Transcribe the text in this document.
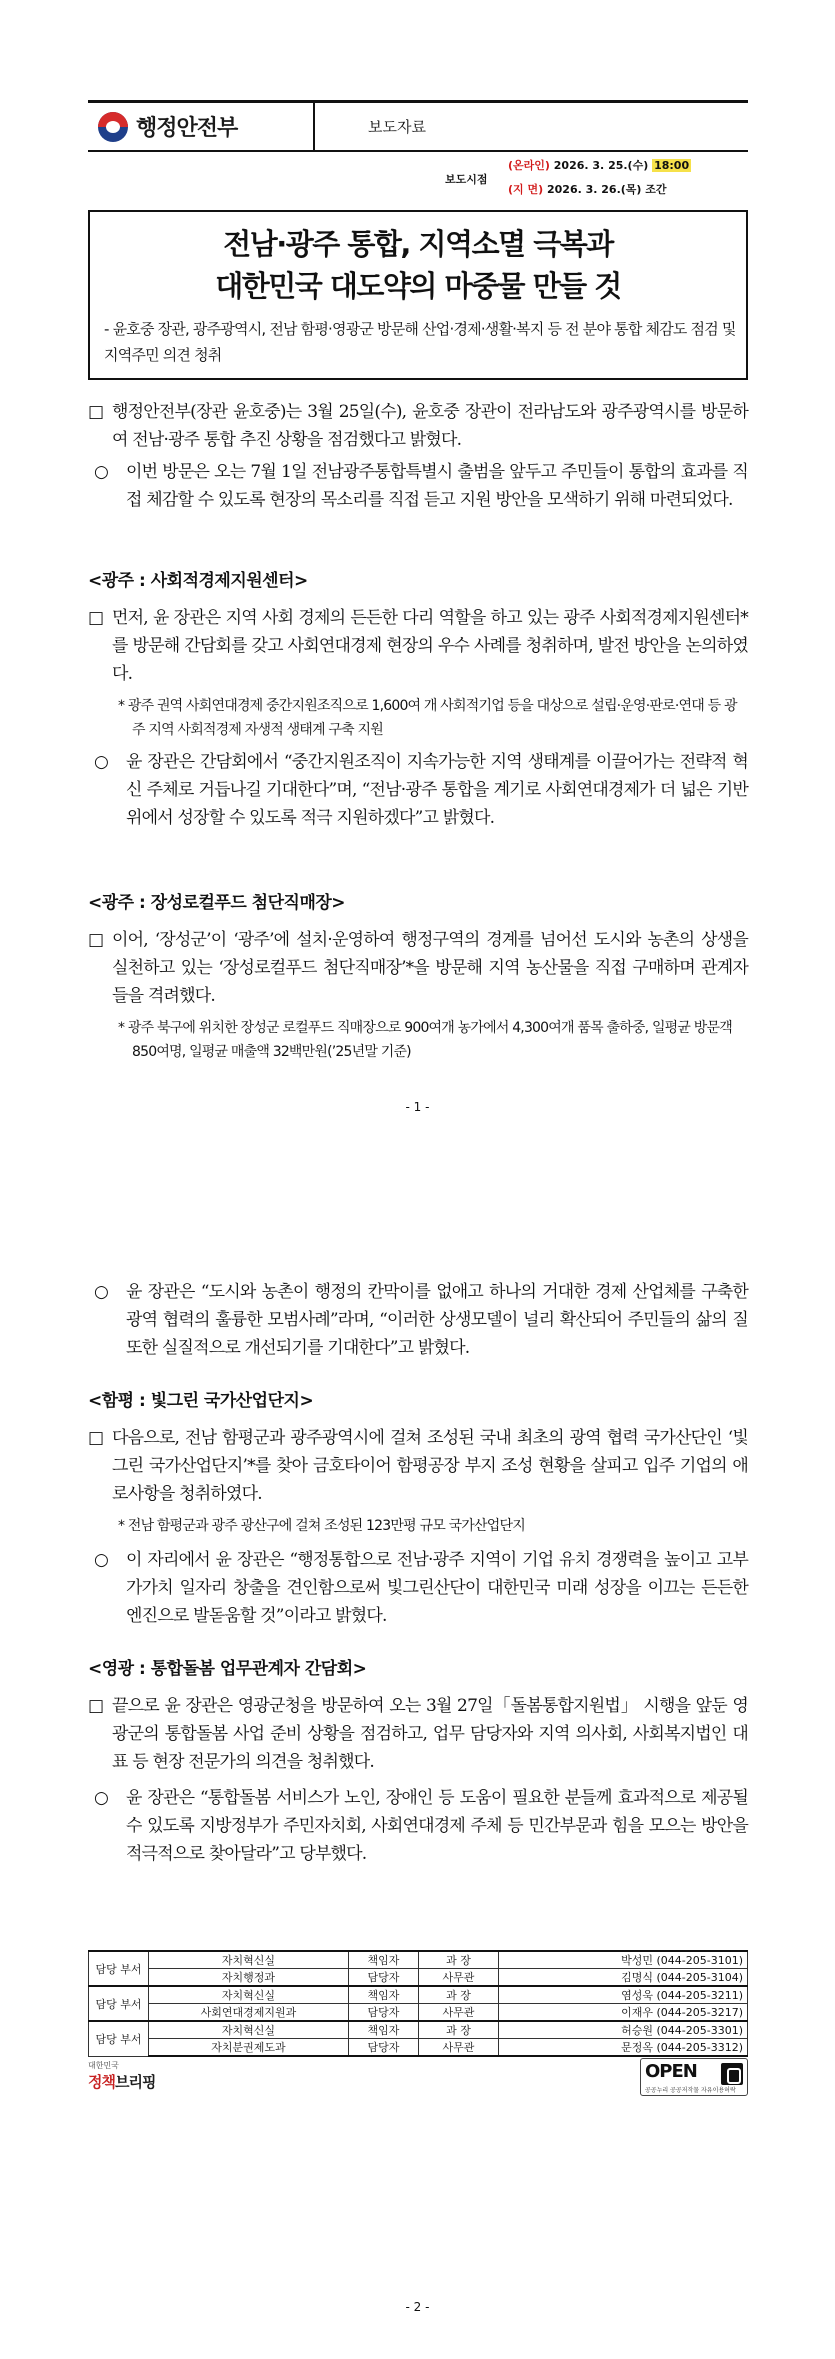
행정안전부	보도자료
보도시점
(온라인) 2026. 3. 25.(수) 18:00
(지 면) 2026. 3. 26.(목) 조간
전남·광주 통합, 지역소멸 극복과
대한민국 대도약의 마중물 만들 것
- 윤호중 장관, 광주광역시, 전남 함평·영광군 방문해 산업·경제·생활·복지 등 전 분야 통합 체감도 점검 및 지역주민 의견 청취
□ 행정안전부(장관 윤호중)는 3월 25일(수), 윤호중 장관이 전라남도와 광주광역시를 방문하여 전남·광주 통합 추진 상황을 점검했다고 밝혔다.
○	이번 방문은 오는 7월 1일 전남광주통합특별시 출범을 앞두고 주민들이 통합의 효과를 직접 체감할 수 있도록 현장의 목소리를 직접 듣고 지원 방안을 모색하기 위해 마련되었다.
<광주 : 사회적경제지원센터>
□ 먼저, 윤 장관은 지역 사회 경제의 든든한 다리 역할을 하고 있는 광주 사회적경제지원센터*를 방문해 간담회를 갖고 사회연대경제 현장의 우수 사례를 청취하며, 발전 방안을 논의하였다.
* 광주 권역 사회연대경제 중간지원조직으로 1,600여 개 사회적기업 등을 대상으로 설립·운영·판로·연대 등 광주 지역 사회적경제 자생적 생태계 구축 지원
○	윤 장관은 간담회에서 “중간지원조직이 지속가능한 지역 생태계를 이끌어가는 전략적 혁신 주체로 거듭나길 기대한다”며, “전남·광주 통합을 계기로 사회연대경제가 더 넓은 기반 위에서 성장할 수 있도록 적극 지원하겠다”고 밝혔다.
<광주 : 장성로컬푸드 첨단직매장>
□ 이어, ‘장성군’이 ‘광주’에 설치·운영하여 행정구역의 경계를 넘어선 도시와 농촌의 상생을 실천하고 있는 ‘장성로컬푸드 첨단직매장’*을 방문해 지역 농산물을 직접 구매하며 관계자들을 격려했다.
* 광주 북구에 위치한 장성군 로컬푸드 직매장으로 900여개 농가에서 4,300여개 품목 출하중, 일평균 방문객 850여명, 일평균 매출액 32백만원(’25년말 기준)
- 1 -
○	윤 장관은 “도시와 농촌이 행정의 칸막이를 없애고 하나의 거대한 경제 산업체를 구축한 광역 협력의 훌륭한 모범사례”라며, “이러한 상생모델이 널리 확산되어 주민들의 삶의 질 또한 실질적으로 개선되기를 기대한다”고 밝혔다.
<함평 : 빛그린 국가산업단지>
□ 다음으로, 전남 함평군과 광주광역시에 걸쳐 조성된 국내 최초의 광역 협력 국가산단인 ‘빛그린 국가산업단지’*를 찾아 금호타이어 함평공장 부지 조성 현황을 살피고 입주 기업의 애로사항을 청취하였다.
* 전남 함평군과 광주 광산구에 걸쳐 조성된 123만평 규모 국가산업단지
○	이 자리에서 윤 장관은 “행정통합으로 전남·광주 지역이 기업 유치 경쟁력을 높이고 고부가가치 일자리 창출을 견인함으로써 빛그린산단이 대한민국 미래 성장을 이끄는 든든한 엔진으로 발돋움할 것”이라고 밝혔다.
<영광 : 통합돌봄 업무관계자 간담회>
□ 끝으로 윤 장관은 영광군청을 방문하여 오는 3월 27일「돌봄통합지원법」 시행을 앞둔 영광군의 통합돌봄 사업 준비 상황을 점검하고, 업무 담당자와 지역 의사회, 사회복지법인 대표 등 현장 전문가의 의견을 청취했다.
○	윤 장관은 “통합돌봄 서비스가 노인, 장애인 등 도움이 필요한 분들께 효과적으로 제공될 수 있도록 지방정부가 주민자치회, 사회연대경제 주체 등 민간부문과 힘을 모으는 방안을 적극적으로 찾아달라”고 당부했다.
담당 부서	자치혁신실	책임자	과 장	박성민 (044-205-3101)
	자치행정과	담당자	사무관	김명식 (044-205-3104)
담당 부서	자치혁신실	책임자	과 장	염성욱 (044-205-3211)
	사회연대경제지원과	담당자	사무관	이재우 (044-205-3217)
담당 부서	자치혁신실	책임자	과 장	허승원 (044-205-3301)
	자치분권제도과	담당자	사무관	문정옥 (044-205-3312)
대한민국
정책브리핑	OPEN
공공누리 공공저작물 자유이용허락
- 2 -
